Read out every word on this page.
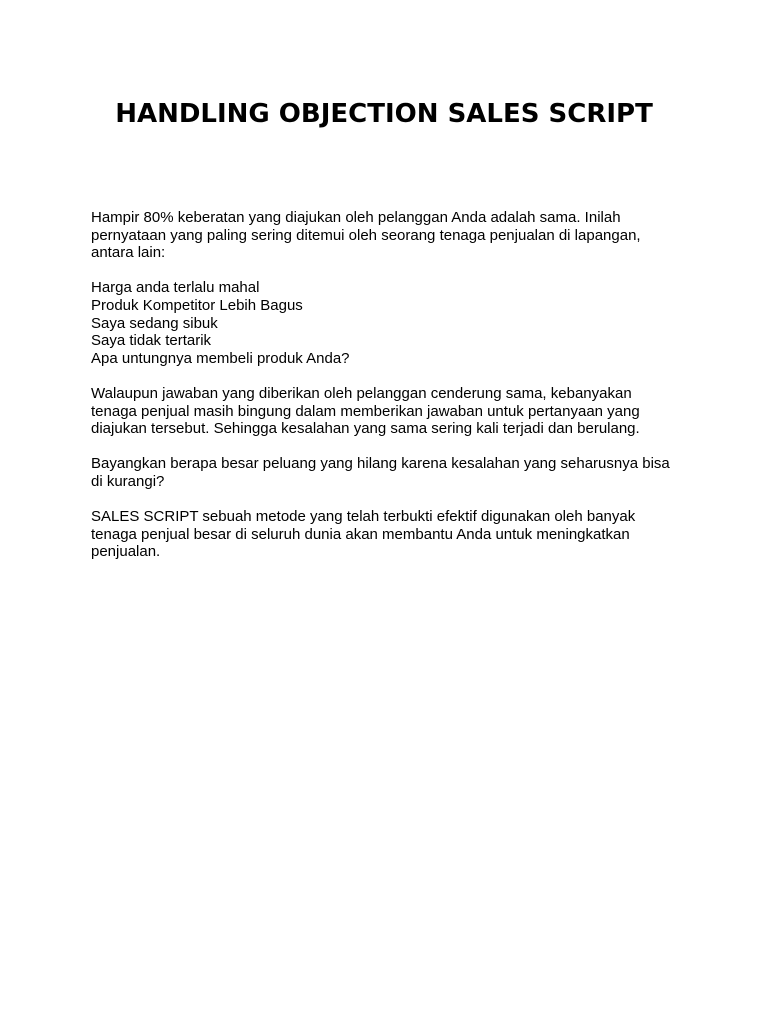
HANDLING OBJECTION SALES SCRIPT

Hampir 80% keberatan yang diajukan oleh pelanggan Anda adalah sama. Inilah
pernyataan yang paling sering ditemui oleh seorang tenaga penjualan di lapangan,
antara lain:

Harga anda terlalu mahal
Produk Kompetitor Lebih Bagus
Saya sedang sibuk
Saya tidak tertarik
Apa untungnya membeli produk Anda?

Walaupun jawaban yang diberikan oleh pelanggan cenderung sama, kebanyakan
tenaga penjual masih bingung dalam memberikan jawaban untuk pertanyaan yang
diajukan tersebut. Sehingga kesalahan yang sama sering kali terjadi dan berulang.

Bayangkan berapa besar peluang yang hilang karena kesalahan yang seharusnya bisa
di kurangi?

SALES SCRIPT sebuah metode yang telah terbukti efektif digunakan oleh banyak
tenaga penjual besar di seluruh dunia akan membantu Anda untuk meningkatkan
penjualan.
